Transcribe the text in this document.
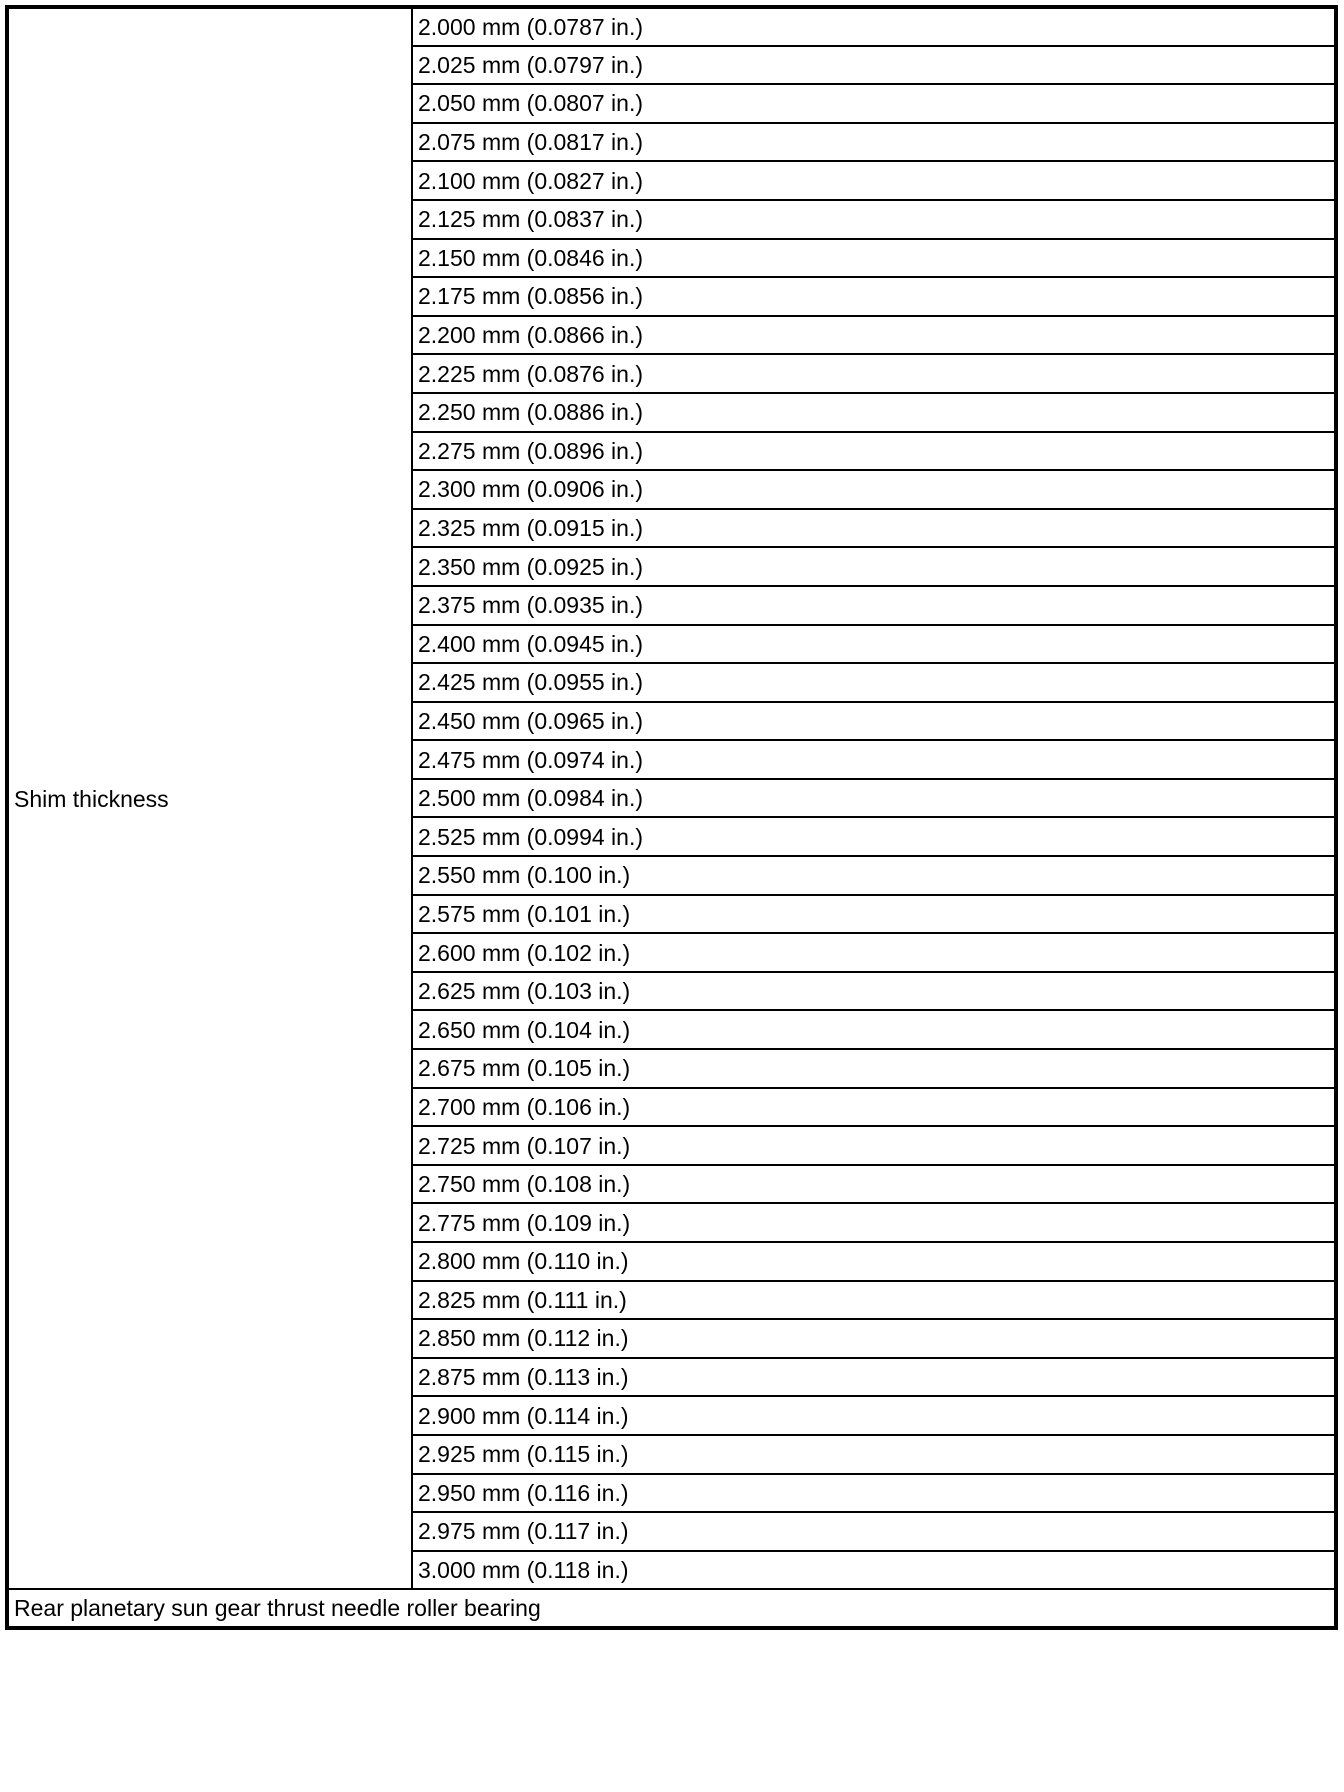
Shim thickness	2.000 mm (0.0787 in.)
2.025 mm (0.0797 in.)
2.050 mm (0.0807 in.)
2.075 mm (0.0817 in.)
2.100 mm (0.0827 in.)
2.125 mm (0.0837 in.)
2.150 mm (0.0846 in.)
2.175 mm (0.0856 in.)
2.200 mm (0.0866 in.)
2.225 mm (0.0876 in.)
2.250 mm (0.0886 in.)
2.275 mm (0.0896 in.)
2.300 mm (0.0906 in.)
2.325 mm (0.0915 in.)
2.350 mm (0.0925 in.)
2.375 mm (0.0935 in.)
2.400 mm (0.0945 in.)
2.425 mm (0.0955 in.)
2.450 mm (0.0965 in.)
2.475 mm (0.0974 in.)
2.500 mm (0.0984 in.)
2.525 mm (0.0994 in.)
2.550 mm (0.100 in.)
2.575 mm (0.101 in.)
2.600 mm (0.102 in.)
2.625 mm (0.103 in.)
2.650 mm (0.104 in.)
2.675 mm (0.105 in.)
2.700 mm (0.106 in.)
2.725 mm (0.107 in.)
2.750 mm (0.108 in.)
2.775 mm (0.109 in.)
2.800 mm (0.110 in.)
2.825 mm (0.111 in.)
2.850 mm (0.112 in.)
2.875 mm (0.113 in.)
2.900 mm (0.114 in.)
2.925 mm (0.115 in.)
2.950 mm (0.116 in.)
2.975 mm (0.117 in.)
3.000 mm (0.118 in.)
Rear planetary sun gear thrust needle roller bearing
